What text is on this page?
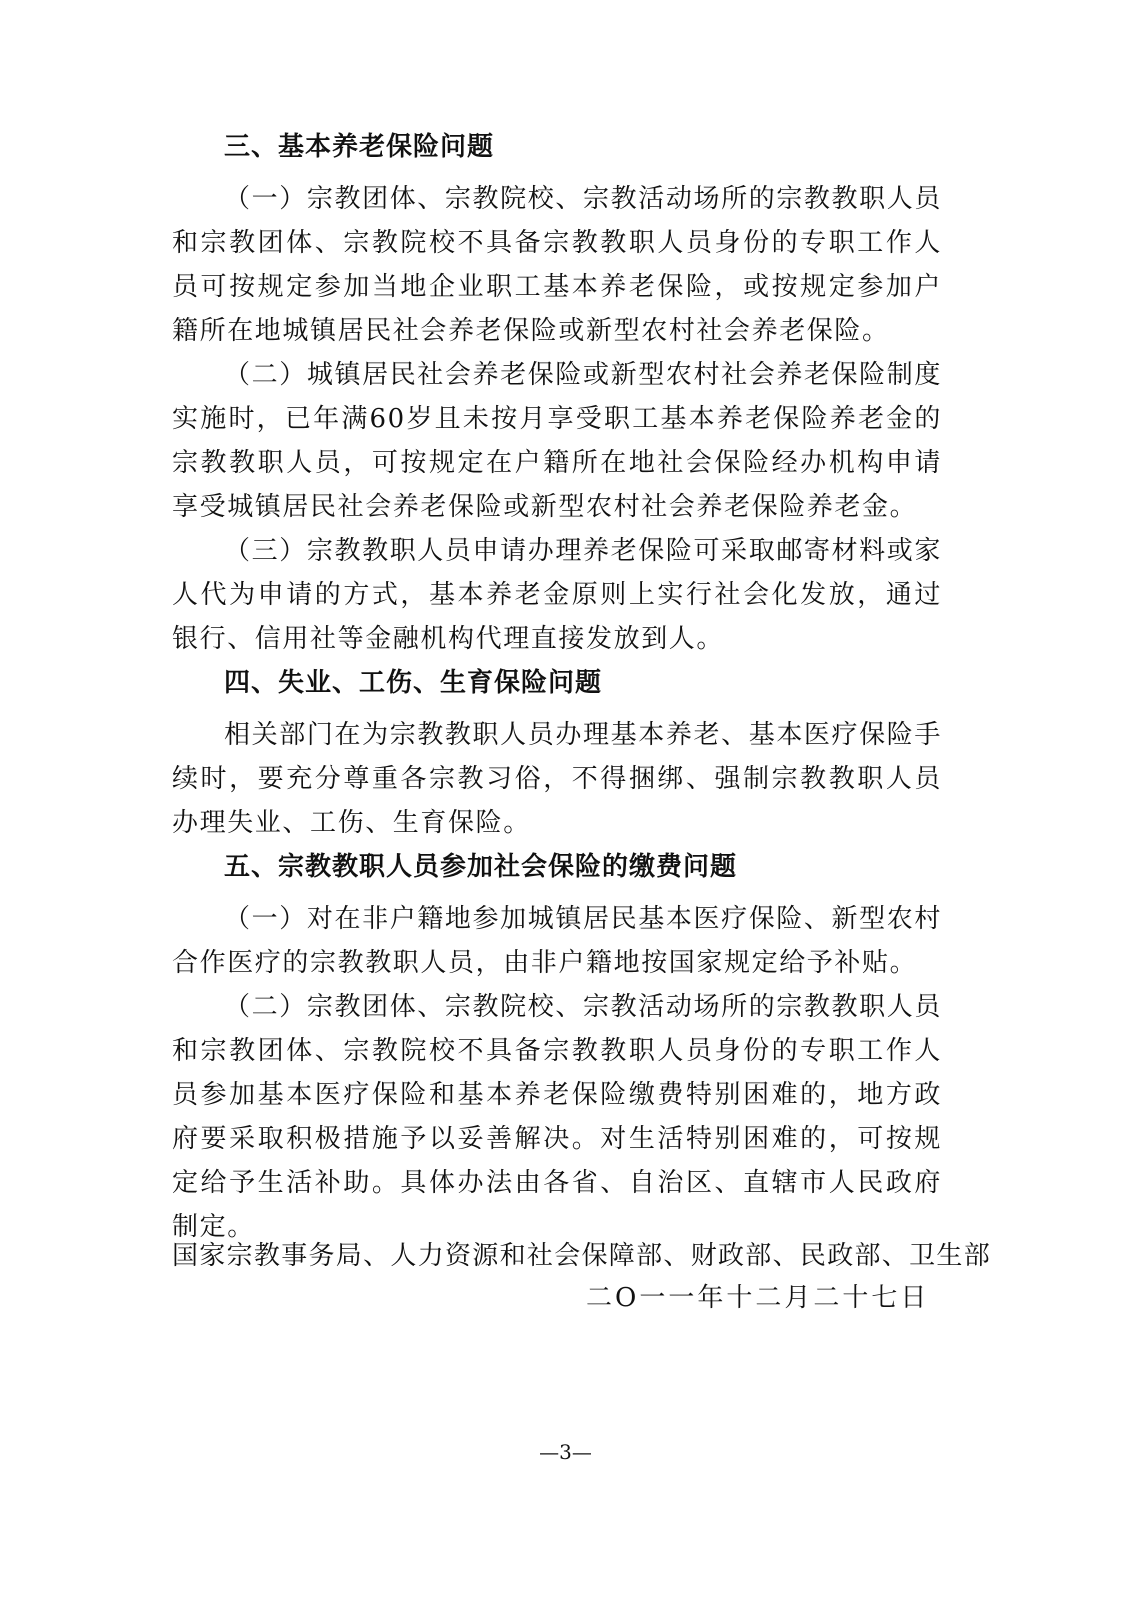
三、基本养老保险问题

（一）宗教团体、宗教院校、宗教活动场所的宗教教职人员和宗教团体、宗教院校不具备宗教教职人员身份的专职工作人员可按规定参加当地企业职工基本养老保险，或按规定参加户籍所在地城镇居民社会养老保险或新型农村社会养老保险。

（二）城镇居民社会养老保险或新型农村社会养老保险制度实施时，已年满60岁且未按月享受职工基本养老保险养老金的宗教教职人员，可按规定在户籍所在地社会保险经办机构申请享受城镇居民社会养老保险或新型农村社会养老保险养老金。

（三）宗教教职人员申请办理养老保险可采取邮寄材料或家人代为申请的方式，基本养老金原则上实行社会化发放，通过银行、信用社等金融机构代理直接发放到人。

四、失业、工伤、生育保险问题

相关部门在为宗教教职人员办理基本养老、基本医疗保险手续时，要充分尊重各宗教习俗，不得捆绑、强制宗教教职人员办理失业、工伤、生育保险。

五、宗教教职人员参加社会保险的缴费问题

（一）对在非户籍地参加城镇居民基本医疗保险、新型农村合作医疗的宗教教职人员，由非户籍地按国家规定给予补贴。

（二）宗教团体、宗教院校、宗教活动场所的宗教教职人员和宗教团体、宗教院校不具备宗教教职人员身份的专职工作人员参加基本医疗保险和基本养老保险缴费特别困难的，地方政府要采取积极措施予以妥善解决。对生活特别困难的，可按规定给予生活补助。具体办法由各省、自治区、直辖市人民政府制定。

国家宗教事务局、人力资源和社会保障部、财政部、民政部、卫生部
二O一一年十二月二十七日
—3—
